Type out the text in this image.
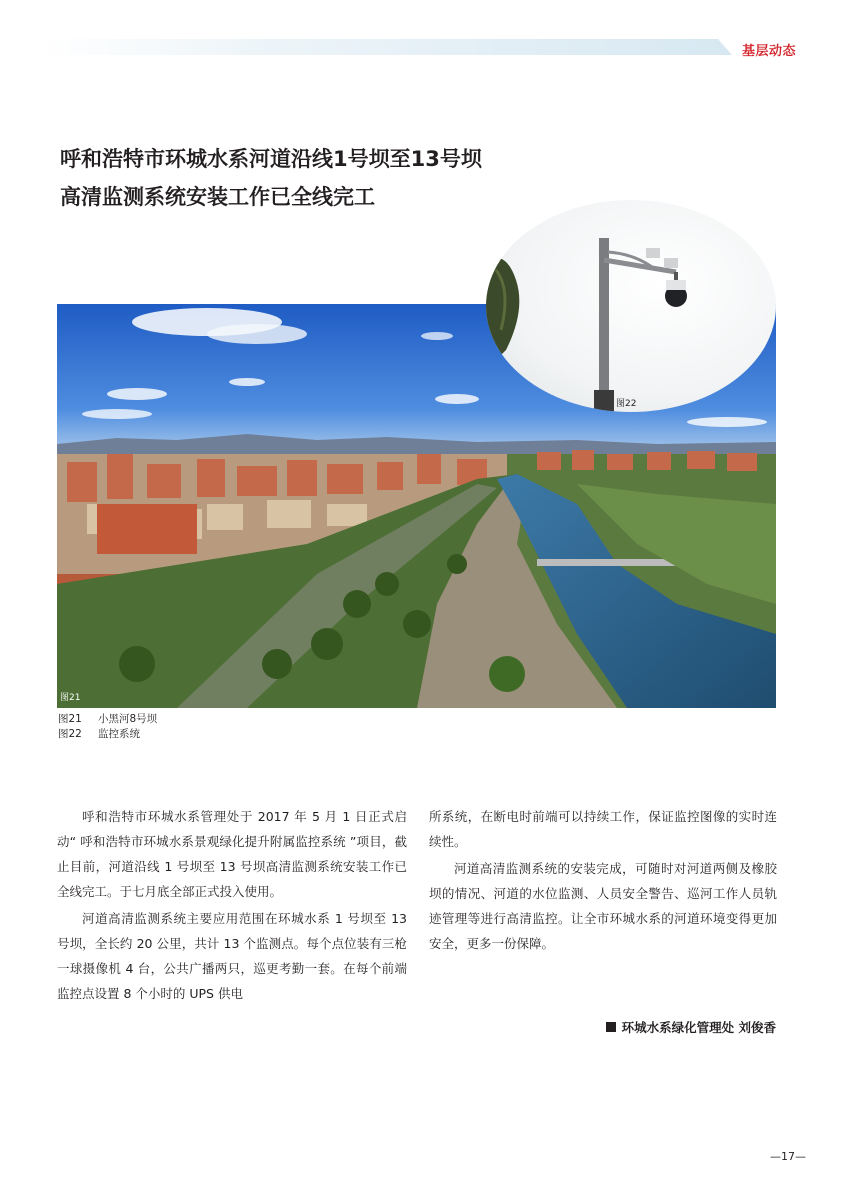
基层动态
呼和浩特市环城水系河道沿线1号坝至13号坝
高清监测系统安装工作已全线完工
图21
图22
图21 小黑河8号坝
图22 监控系统

呼和浩特市环城水系管理处于 2017 年 5 月 1 日正式启动“ 呼和浩特市环城水系景观绿化提升附属监控系统 ”项目，截止目前，河道沿线 1 号坝至 13 号坝高清监测系统安装工作已全线完工。于七月底全部正式投入使用。

河道高清监测系统主要应用范围在环城水系 1 号坝至 13 号坝，全长约 20 公里，共计 13 个监测点。每个点位装有三枪一球摄像机 4 台，公共广播两只，巡更考勤一套。在每个前端监控点设置 8 个小时的 UPS 供电

所系统，在断电时前端可以持续工作，保证监控图像的实时连续性。

河道高清监测系统的安装完成，可随时对河道两侧及橡胶坝的情况、河道的水位监测、人员安全警告、巡河工作人员轨迹管理等进行高清监控。让全市环城水系的河道环境变得更加安全，更多一份保障。

环城水系绿化管理处 刘俊香
—17—
